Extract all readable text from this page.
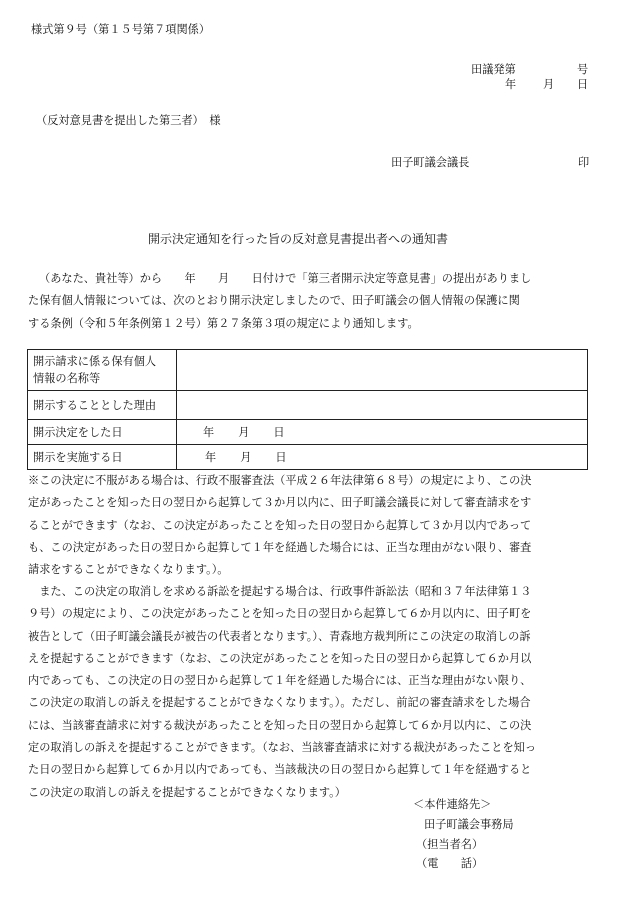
様式第９号（第１５号第７項関係）
田議発第	号
年 月 日
（反対意見書を提出した第三者）　様
田子町議会議長	印
開示決定通知を行った旨の反対意見書提出者への通知書
（あなた、貴社等）から　　年　　月　　日付けで「第三者開示決定等意見書」の提出がありまし
た保有個人情報については、次のとおり開示決定しましたので、田子町議会の個人情報の保護に関
する条例（令和５年条例第１２号）第２７条第３項の規定により通知します。
開示請求に係る保有個人
情報の名称等	

開示することとした理由	
開示決定をした日	年 月 日
開示を実施する日	年 月 日
※この決定に不服がある場合は、行政不服審査法（平成２６年法律第６８号）の規定により、この決
定があったことを知った日の翌日から起算して３か月以内に、田子町議会議長に対して審査請求をす
ることができます（なお、この決定があったことを知った日の翌日から起算して３か月以内であって
も、この決定があった日の翌日から起算して１年を経過した場合には、正当な理由がない限り、審査
請求をすることができなくなります。）。
　また、この決定の取消しを求める訴訟を提起する場合は、行政事件訴訟法（昭和３７年法律第１３
９号）の規定により、この決定があったことを知った日の翌日から起算して６か月以内に、田子町を
被告として（田子町議会議長が被告の代表者となります。）、青森地方裁判所にこの決定の取消しの訴
えを提起することができます（なお、この決定があったことを知った日の翌日から起算して６か月以
内であっても、この決定の日の翌日から起算して１年を経過した場合には、正当な理由がない限り、
この決定の取消しの訴えを提起することができなくなります。）。ただし、前記の審査請求をした場合
には、当該審査請求に対する裁決があったことを知った日の翌日から起算して６か月以内に、この決
定の取消しの訴えを提起することができます。（なお、当該審査請求に対する裁決があったことを知っ
た日の翌日から起算して６か月以内であっても、当該裁決の日の翌日から起算して１年を経過すると
この決定の取消しの訴えを提起することができなくなります。）
＜本件連絡先＞
田子町議会事務局
（担当者名）
（電　　話）
